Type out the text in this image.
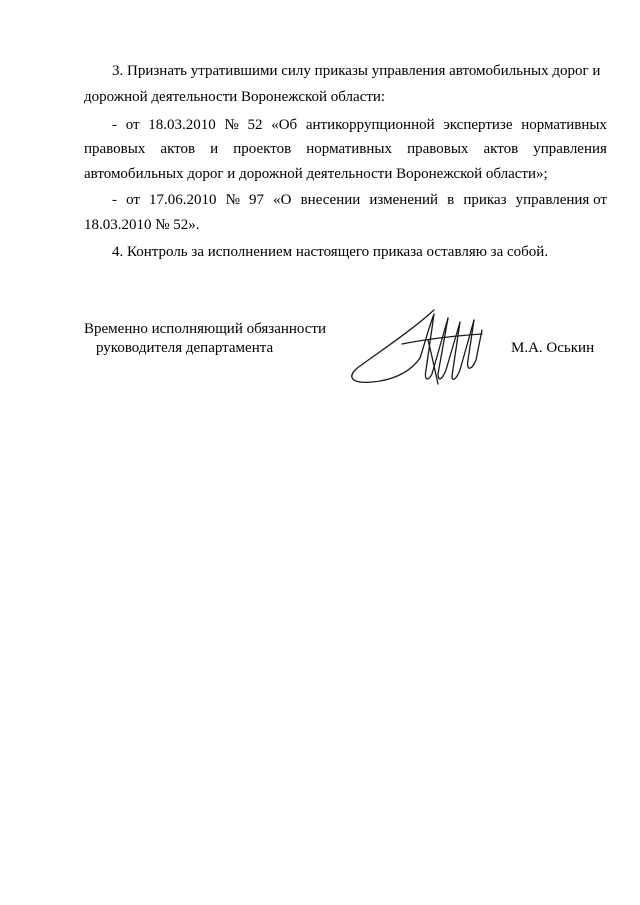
3. Признать утратившими силу приказы управления автомобильных дорог и
дорожной деятельности Воронежской области:
- от 18.03.2010 № 52 «Об антикоррупционной экспертизе нормативных
правовых актов и проектов нормативных правовых актов управления
автомобильных дорог и дорожной деятельности Воронежской области»;
- от 17.06.2010 № 97 «О внесении изменений в приказ управления от
18.03.2010 № 52».
4. Контроль за исполнением настоящего приказа оставляю за собой.
Временно исполняющий обязанности
руководителя департамента	М.А. Оськин
